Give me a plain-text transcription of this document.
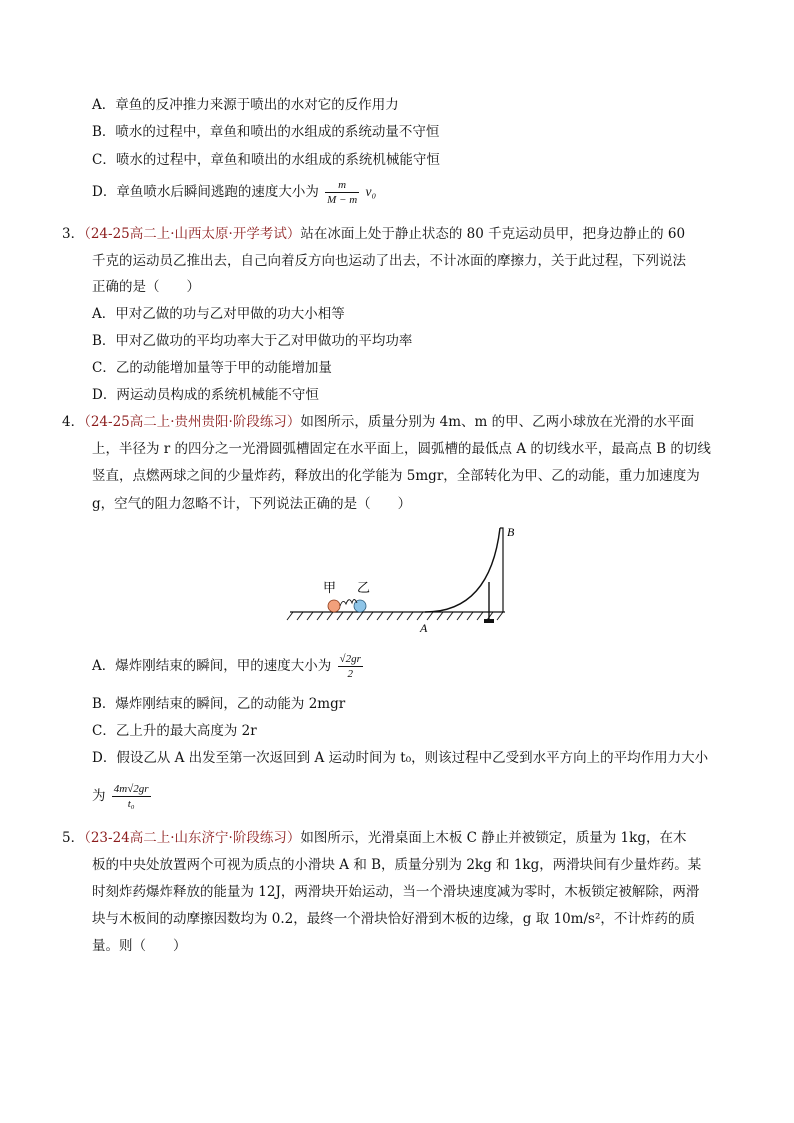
A．章鱼的反冲推力来源于喷出的水对它的反作用力
B．喷水的过程中，章鱼和喷出的水组成的系统动量不守恒
C．喷水的过程中，章鱼和喷出的水组成的系统机械能守恒
D．章鱼喷水后瞬间逃跑的速度大小为 $\frac{m}{M - m} v_0$
3．（24-25高二上·山西太原·开学考试）站在冰面上处于静止状态的 80 千克运动员甲，把身边静止的 60
千克的运动员乙推出去，自己向着反方向也运动了出去，不计冰面的摩擦力，关于此过程，下列说法
正确的是（　　）
A．甲对乙做的功与乙对甲做的功大小相等
B．甲对乙做功的平均功率大于乙对甲做功的平均功率
C．乙的动能增加量等于甲的动能增加量
D．两运动员构成的系统机械能不守恒
4．（24-25高二上·贵州贵阳·阶段练习）如图所示，质量分别为 4m、m 的甲、乙两小球放在光滑的水平面
上，半径为 r 的四分之一光滑圆弧槽固定在水平面上，圆弧槽的最低点 A 的切线水平，最高点 B 的切线
竖直，点燃两球之间的少量炸药，释放出的化学能为 5mgr，全部转化为甲、乙的动能，重力加速度为
g，空气的阻力忽略不计，下列说法正确的是（　　）
甲 乙
A
B
A．爆炸刚结束的瞬间，甲的速度大小为 $\frac{√2gr}{2}$
B．爆炸刚结束的瞬间，乙的动能为 2mgr
C．乙上升的最大高度为 2r
D．假设乙从 A 出发至第一次返回到 A 运动时间为 t₀，则该过程中乙受到水平方向上的平均作用力大小
为 $\frac{4m√2gr}{\text{t₀}}$
5．（23-24高二上·山东济宁·阶段练习）如图所示，光滑桌面上木板 C 静止并被锁定，质量为 1kg，在木
板的中央处放置两个可视为质点的小滑块 A 和 B，质量分别为 2kg 和 1kg，两滑块间有少量炸药。某
时刻炸药爆炸释放的能量为 12J，两滑块开始运动，当一个滑块速度减为零时，木板锁定被解除，两滑
块与木板间的动摩擦因数均为 0.2，最终一个滑块恰好滑到木板的边缘，g 取 10m/s²，不计炸药的质
量。则（　　）
